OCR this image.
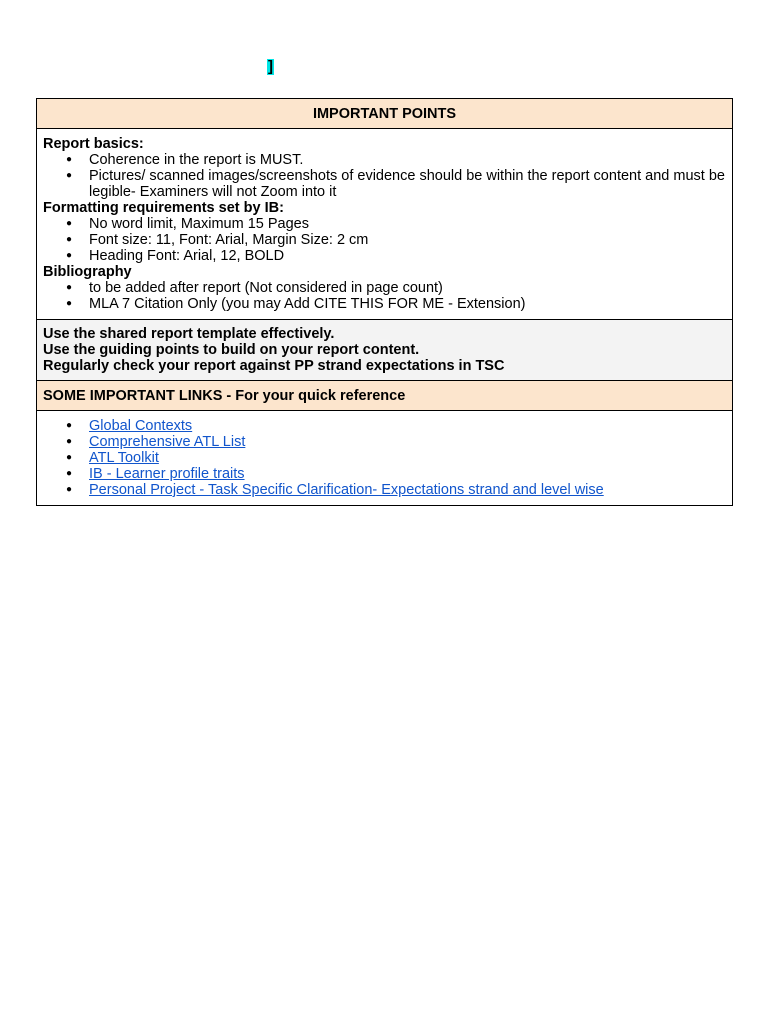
]
IMPORTANT POINTS

Report basics:

● Coherence in the report is MUST.
● Pictures/ scanned images/screenshots of evidence should be within the report content and must be legible- Examiners will not Zoom into it

Formatting requirements set by IB:

● No word limit, Maximum 15 Pages
● Font size: 11, Font: Arial, Margin Size: 2 cm
● Heading Font: Arial, 12, BOLD

Bibliography

● to be added after report (Not considered in page count)
● MLA 7 Citation Only (you may Add CITE THIS FOR ME - Extension)

Use the shared report template effectively.
Use the guiding points to build on your report content.
Regularly check your report against PP strand expectations in TSC

SOME IMPORTANT LINKS - For your quick reference

● Global Contexts
● Comprehensive ATL List
● ATL Toolkit
● IB - Learner profile traits
● Personal Project - Task Specific Clarification- Expectations strand and level wise
